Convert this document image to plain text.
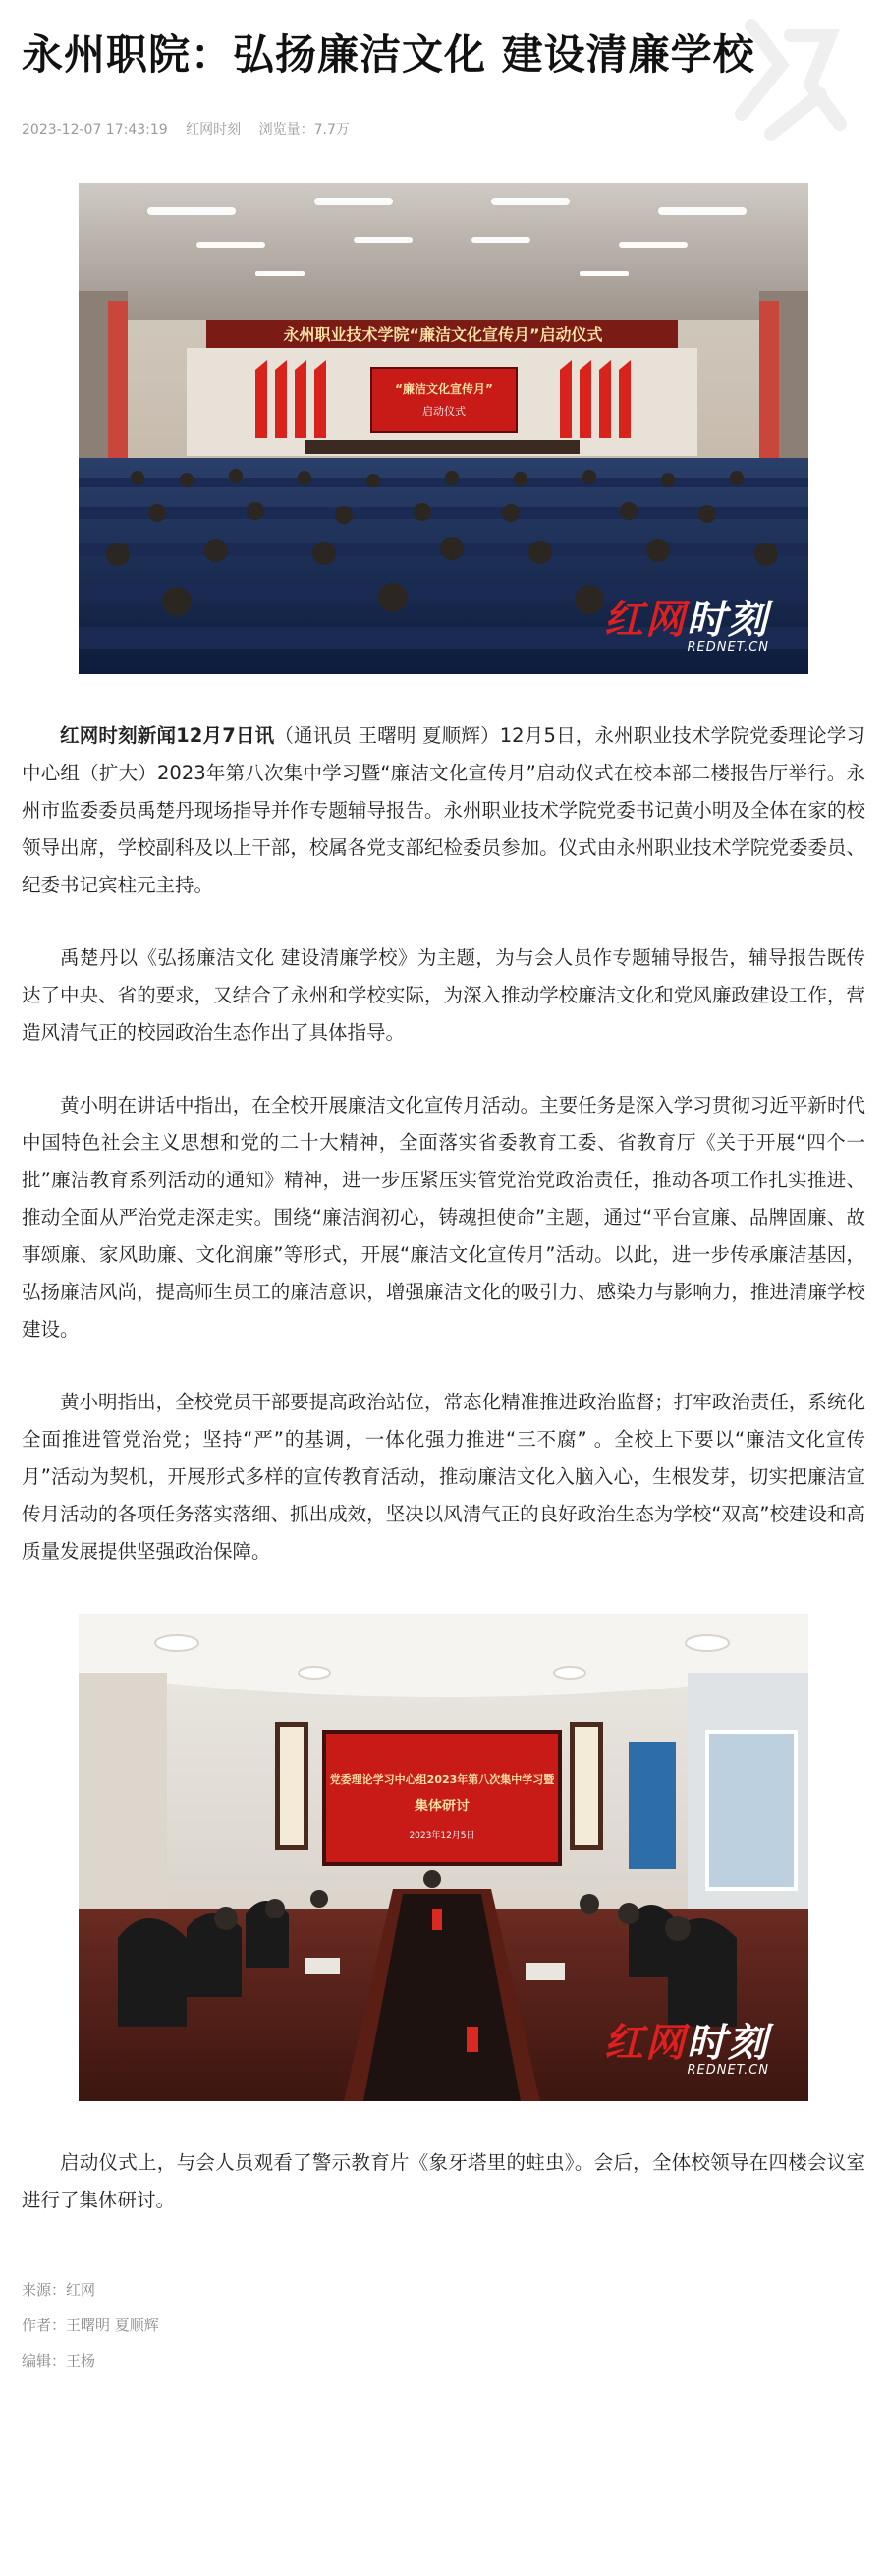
永州职院：弘扬廉洁文化 建设清廉学校
2023-12-07 17:43:19 红网时刻 浏览量：7.7万
永州职业技术学院“廉洁文化宣传月”启动仪式
“廉洁文化宣传月”
启动仪式
红网时刻
REDNET.CN

红网时刻新闻12月7日讯（通讯员 王曙明 夏顺辉）12月5日，永州职业技术学院党委理论学习中心组（扩大）2023年第八次集中学习暨“廉洁文化宣传月”启动仪式在校本部二楼报告厅举行。永州市监委委员禹楚丹现场指导并作专题辅导报告。永州职业技术学院党委书记黄小明及全体在家的校领导出席，学校副科及以上干部，校属各党支部纪检委员参加。仪式由永州职业技术学院党委委员、纪委书记宾柱元主持。

禹楚丹以《弘扬廉洁文化 建设清廉学校》为主题，为与会人员作专题辅导报告，辅导报告既传达了中央、省的要求，又结合了永州和学校实际，为深入推动学校廉洁文化和党风廉政建设工作，营造风清气正的校园政治生态作出了具体指导。

黄小明在讲话中指出，在全校开展廉洁文化宣传月活动。主要任务是深入学习贯彻习近平新时代中国特色社会主义思想和党的二十大精神，全面落实省委教育工委、省教育厅《关于开展“四个一批”廉洁教育系列活动的通知》精神，进一步压紧压实管党治党政治责任，推动各项工作扎实推进、推动全面从严治党走深走实。围绕“廉洁润初心，铸魂担使命”主题，通过“平台宣廉、品牌固廉、故事颂廉、家风助廉、文化润廉”等形式，开展“廉洁文化宣传月”活动。以此，进一步传承廉洁基因，弘扬廉洁风尚，提高师生员工的廉洁意识，增强廉洁文化的吸引力、感染力与影响力，推进清廉学校建设。

黄小明指出，全校党员干部要提高政治站位，常态化精准推进政治监督；打牢政治责任，系统化全面推进管党治党；坚持“严”的基调，一体化强力推进“三不腐” 。全校上下要以“廉洁文化宣传月”活动为契机，开展形式多样的宣传教育活动，推动廉洁文化入脑入心，生根发芽，切实把廉洁宣传月活动的各项任务落实落细、抓出成效，坚决以风清气正的良好政治生态为学校“双高”校建设和高质量发展提供坚强政治保障。

党委理论学习中心组2023年第八次集中学习暨
集体研讨
2023年12月5日
红网时刻
REDNET.CN

启动仪式上，与会人员观看了警示教育片《象牙塔里的蛀虫》。会后，全体校领导在四楼会议室进行了集体研讨。

来源：红网
作者：王曙明 夏顺辉
编辑：王杨
